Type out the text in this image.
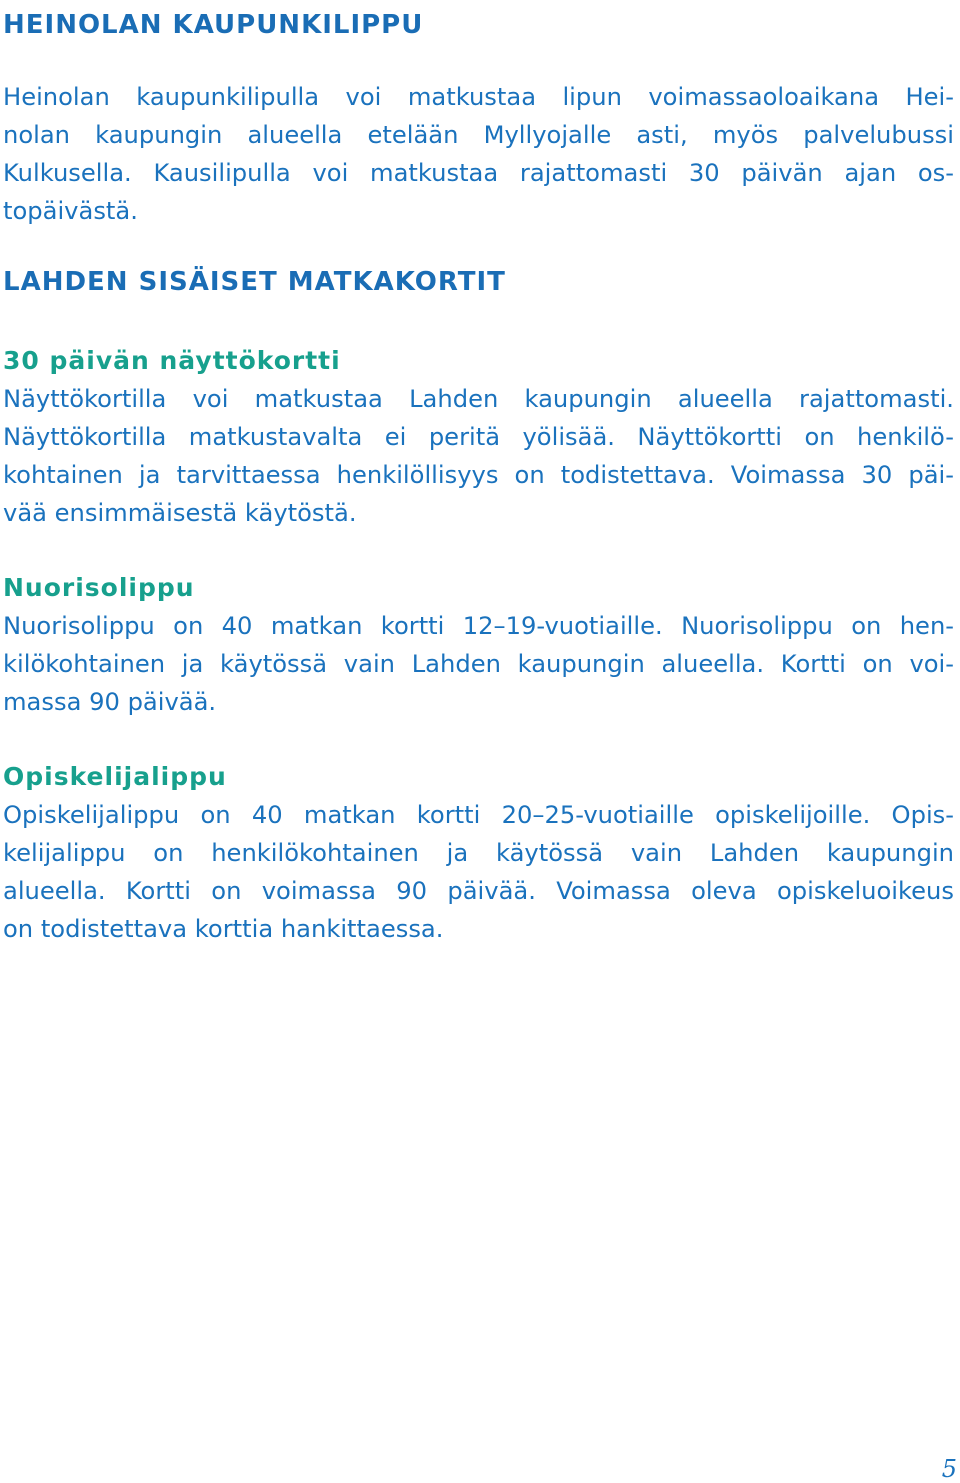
HEINOLAN KAUPUNKILIPPU
Heinolan kaupunkilipulla voi matkustaa lipun voimassaoloaikana Hei-
nolan kaupungin alueella etelään Myllyojalle asti, myös palvelubussi
Kulkusella. Kausilipulla voi matkustaa rajattomasti 30 päivän ajan os-
topäivästä.
LAHDEN SISÄISET MATKAKORTIT
30 päivän näyttökortti
Näyttökortilla voi matkustaa Lahden kaupungin alueella rajattomasti.
Näyttökortilla matkustavalta ei peritä yölisää. Näyttökortti on henkilö-
kohtainen ja tarvittaessa henkilöllisyys on todistettava. Voimassa 30 päi-
vää ensimmäisestä käytöstä.
Nuorisolippu
Nuorisolippu on 40 matkan kortti 12–19-vuotiaille. Nuorisolippu on hen-
kilökohtainen ja käytössä vain Lahden kaupungin alueella. Kortti on voi-
massa 90 päivää.
Opiskelijalippu
Opiskelijalippu on 40 matkan kortti 20–25-vuotiaille opiskelijoille. Opis-
kelijalippu on henkilökohtainen ja käytössä vain Lahden kaupungin
alueella. Kortti on voimassa 90 päivää. Voimassa oleva opiskeluoikeus
on todistettava korttia hankittaessa.
5
